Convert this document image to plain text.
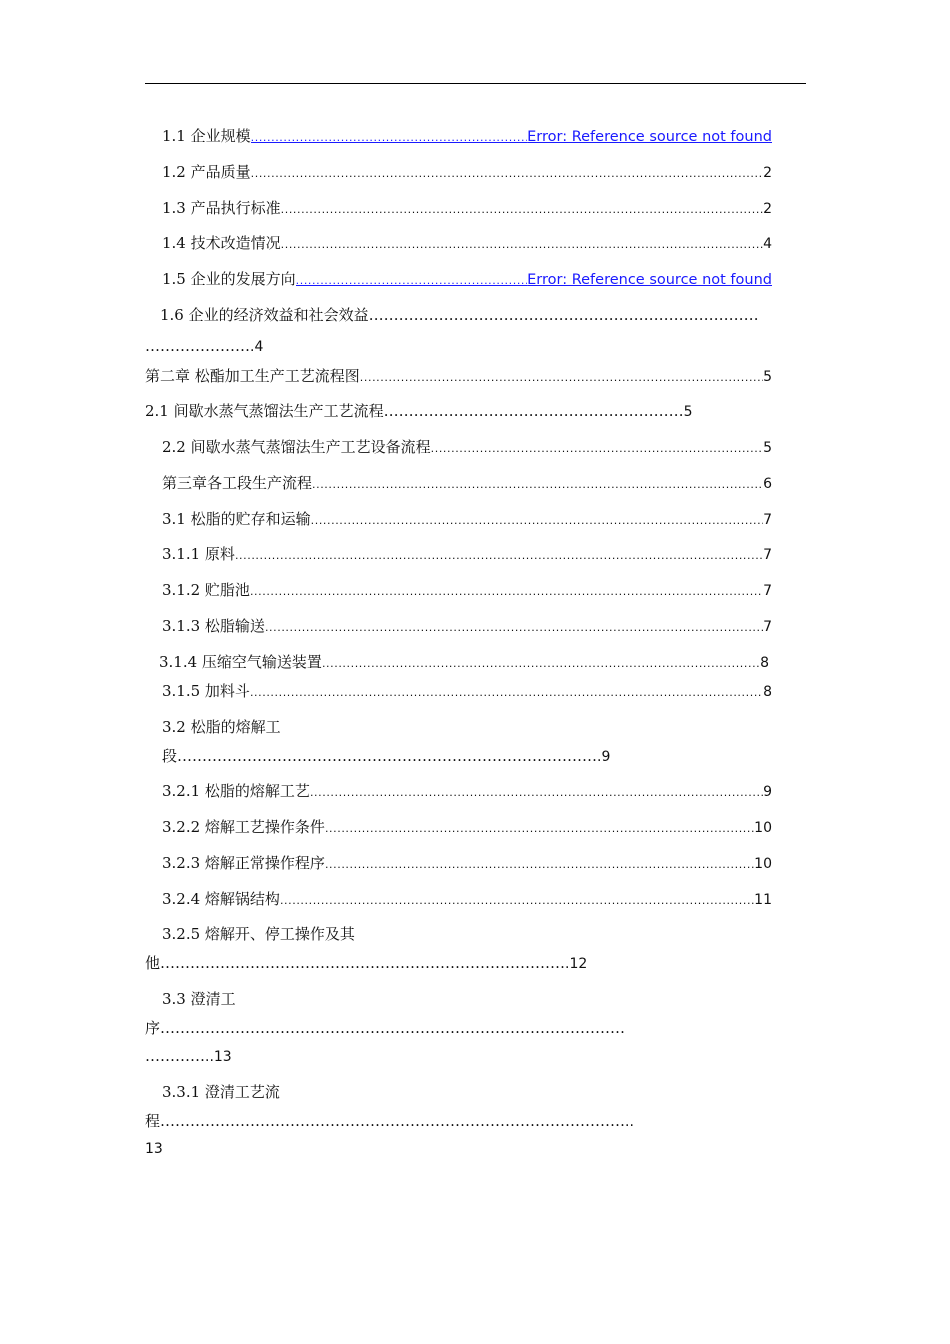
1.1 企业规模 .....	Error: Reference source not found
1.2 产品质量 .....	2
1.3 产品执行标准 .....	2
1.4 技术改造情况 .....	4
1.5 企业的发展方向 .....	Error: Reference source not found
1.6 企业的经济效益和社会效益……………………………………………………………………
………………….4
第二章 松酯加工生产工艺流程图 .....	5
2.1 间歇水蒸气蒸馏法生产工艺流程……………………………………………………5
2.2 间歇水蒸气蒸馏法生产工艺设备流程 .....	5
第三章各工段生产流程 .....	6
3.1 松脂的贮存和运输 .....	7
3.1.1 原料 .....	7
3.1.2 贮脂池 .....	7
3.1.3 松脂输送 .....	7
3.1.4 压缩空气输送装置 .....	8
3.1.5 加料斗 .....	8
3.2 松脂的熔解工
段………………………………………………………………………….9
3.2.1 松脂的熔解工艺 .....	9
3.2.2 熔解工艺操作条件 .....	10
3.2.3 熔解正常操作程序 .....	10
3.2.4 熔解锅结构 .....	11
3.2.5 熔解开、停工操作及其
他……………………………………………………………………….12
3.3 澄清工
序…………………………………………………………………………………
…………..13
3.3.1 澄清工艺流
程…………………………………………………………………………………..
13
